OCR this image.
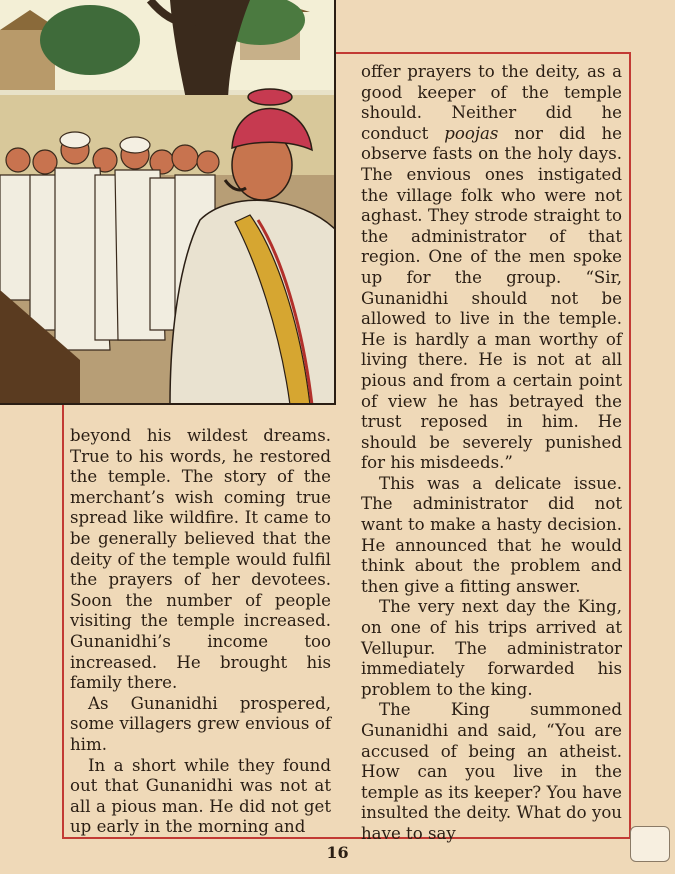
beyond his wildest dreams. True to his words, he restored the temple. The story of the merchant’s wish coming true spread like wildfire. It came to be generally believed that the deity of the temple would fulfil the prayers of her devotees. Soon the number of people visiting the temple increased. Gunanidhi’s income too increased. He brought his family there.

As Gunanidhi prospered, some villagers grew envious of him.

In a short while they found out that Gunanidhi was not at all a pious man. He did not get up early in the morning and

offer prayers to the deity, as a good keeper of the temple should. Neither did he conduct poojas nor did he observe fasts on the holy days. The envious ones instigated the village folk who were not aghast. They strode straight to the administrator of that region. One of the men spoke up for the group. “Sir, Gunanidhi should not be allowed to live in the temple. He is hardly a man worthy of living there. He is not at all pious and from a certain point of view he has betrayed the trust reposed in him. He should be severely punished for his misdeeds.”

This was a delicate issue. The administrator did not want to make a hasty decision. He announced that he would think about the problem and then give a fitting answer.

The very next day the King, on one of his trips arrived at Vellupur. The administrator immediately forwarded his problem to the king.

The King summoned Gunanidhi and said, “You are accused of being an atheist. How can you live in the temple as its keeper? You have insulted the deity. What do you have to say

16
